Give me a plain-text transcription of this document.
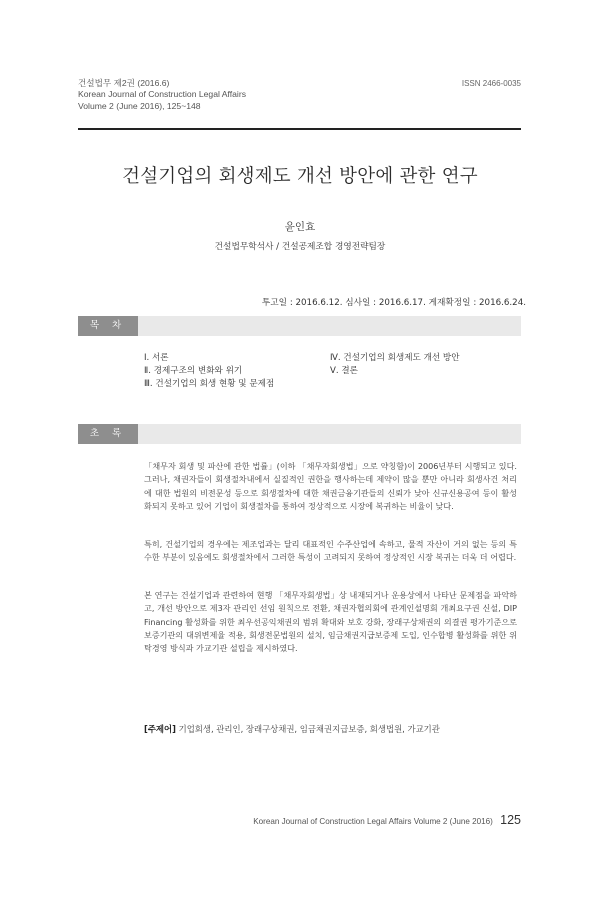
건설법무 제2권 (2016.6)
Korean Journal of Construction Legal Affairs
Volume 2 (June 2016), 125~148
ISSN 2466-0035
건설기업의 회생제도 개선 방안에 관한 연구
윤인효
건설법무학석사 / 건설공제조합 경영전략팀장
투고일 : 2016.6.12. 심사일 : 2016.6.17. 게재확정일 : 2016.6.24.
목 차
Ⅰ. 서론
Ⅱ. 경제구조의 변화와 위기
Ⅲ. 건설기업의 회생 현황 및 문제점
Ⅳ. 건설기업의 회생제도 개선 방안
Ⅴ. 결론
초 록
「채무자 회생 및 파산에 관한 법률」(이하 「채무자회생법」으로 약칭함)이 2006년부터 시행되고 있다. 그러나, 채권자들이 회생절차내에서 실질적인 권한을 행사하는데 제약이 많을 뿐만 아니라 회생사건 처리에 대한 법원의 비전문성 등으로 회생절차에 대한 채권금융기관들의 신뢰가 낮아 신규신용공여 등이 활성화되지 못하고 있어 기업이 회생절차를 통하여 정상적으로 시장에 복귀하는 비율이 낮다.
특히, 건설기업의 경우에는 제조업과는 달리 대표적인 수주산업에 속하고, 물적 자산이 거의 없는 등의 특수한 부분이 있음에도 회생절차에서 그러한 특성이 고려되지 못하여 정상적인 시장 복귀는 더욱 더 어렵다.
본 연구는 건설기업과 관련하여 현행 「채무자회생법」상 내재되거나 운용상에서 나타난 문제점을 파악하고, 개선 방안으로 제3자 관리인 선임 원칙으로 전환, 채권자협의회에 관계인설명회 개최요구권 신설, DIP Financing 활성화를 위한 최우선공익채권의 범위 확대와 보호 강화, 장래구상채권의 의결권 평가기준으로 보증기관의 대위변제율 적용, 회생전문법원의 설치, 임금채권지급보증제 도입, 인수합병 활성화를 위한 위탁경영 방식과 가교기관 설립을 제시하였다.
[주제어] 기업회생, 관리인, 장래구상채권, 임금채권지급보증, 회생법원, 가교기관
Korean Journal of Construction Legal Affairs Volume 2 (June 2016) 125
